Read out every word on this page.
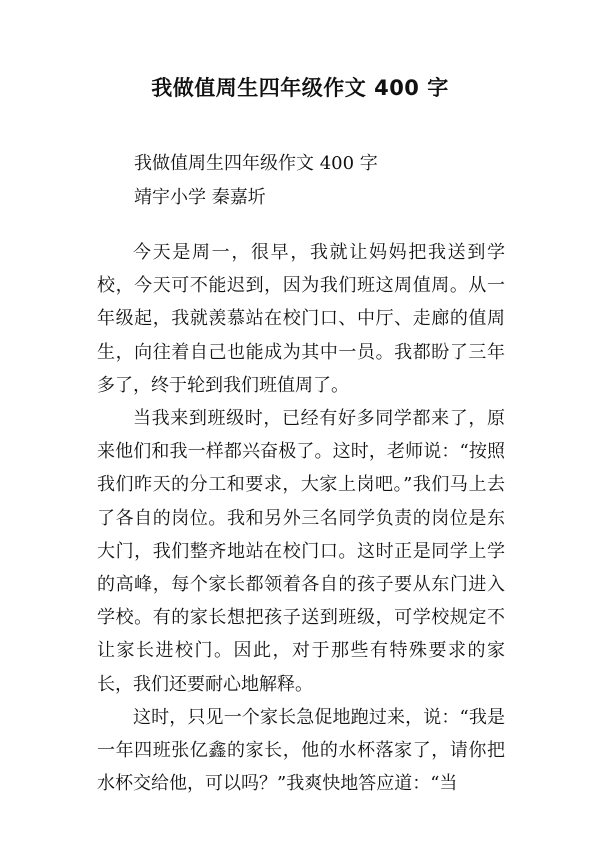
我做值周生四年级作文 400 字

我做值周生四年级作文 400 字

靖宇小学 秦嘉圻

今天是周一，很早，我就让妈妈把我送到学校，今天可不能迟到，因为我们班这周值周。从一年级起，我就羡慕站在校门口、中厅、走廊的值周生，向往着自己也能成为其中一员。我都盼了三年多了，终于轮到我们班值周了。

当我来到班级时，已经有好多同学都来了，原来他们和我一样都兴奋极了。这时，老师说：“按照我们昨天的分工和要求，大家上岗吧。”我们马上去了各自的岗位。我和另外三名同学负责的岗位是东大门，我们整齐地站在校门口。这时正是同学上学的高峰，每个家长都领着各自的孩子要从东门进入学校。有的家长想把孩子送到班级，可学校规定不让家长进校门。因此，对于那些有特殊要求的家长，我们还要耐心地解释。

这时，只见一个家长急促地跑过来，说：“我是一年四班张亿鑫的家长，他的水杯落家了，请你把水杯交给他，可以吗？”我爽快地答应道：“当
